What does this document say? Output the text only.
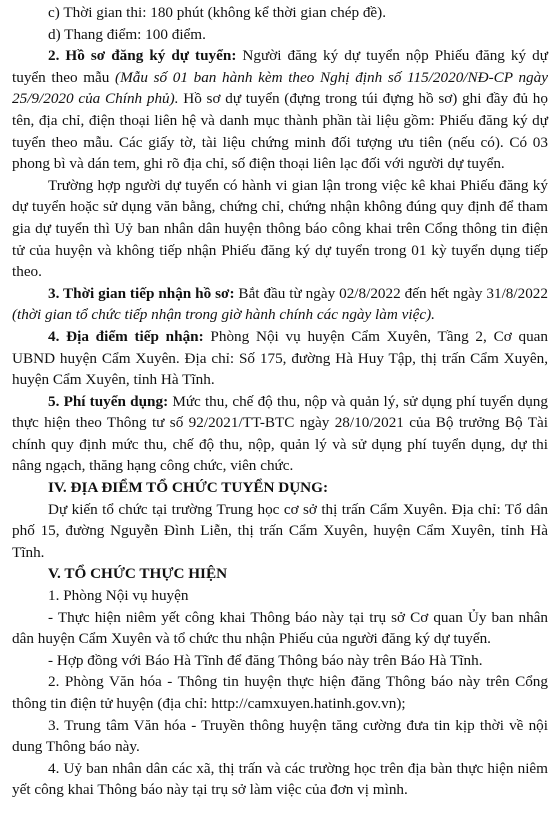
c) Thời gian thi: 180 phút (không kể thời gian chép đề).

d) Thang điểm: 100 điểm.

2. Hồ sơ đăng ký dự tuyển: Người đăng ký dự tuyển nộp Phiếu đăng ký dự tuyển theo mẫu (Mẫu số 01 ban hành kèm theo Nghị định số 115/2020/NĐ-CP ngày 25/9/2020 của Chính phủ). Hồ sơ dự tuyển (đựng trong túi đựng hồ sơ) ghi đầy đủ họ tên, địa chỉ, điện thoại liên hệ và danh mục thành phần tài liệu gồm: Phiếu đăng ký dự tuyển theo mẫu. Các giấy tờ, tài liệu chứng minh đối tượng ưu tiên (nếu có). Có 03 phong bì và dán tem, ghi rõ địa chỉ, số điện thoại liên lạc đối với người dự tuyển.

Trường hợp người dự tuyển có hành vi gian lận trong việc kê khai Phiếu đăng ký dự tuyển hoặc sử dụng văn bằng, chứng chỉ, chứng nhận không đúng quy định để tham gia dự tuyển thì Uỷ ban nhân dân huyện thông báo công khai trên Cổng thông tin điện tử của huyện và không tiếp nhận Phiếu đăng ký dự tuyển trong 01 kỳ tuyển dụng tiếp theo.

3. Thời gian tiếp nhận hồ sơ: Bắt đầu từ ngày 02/8/2022 đến hết ngày 31/8/2022 (thời gian tổ chức tiếp nhận trong giờ hành chính các ngày làm việc).

4. Địa điểm tiếp nhận: Phòng Nội vụ huyện Cẩm Xuyên, Tầng 2, Cơ quan UBND huyện Cẩm Xuyên. Địa chỉ: Số 175, đường Hà Huy Tập, thị trấn Cẩm Xuyên, huyện Cẩm Xuyên, tỉnh Hà Tĩnh.

5. Phí tuyển dụng: Mức thu, chế độ thu, nộp và quản lý, sử dụng phí tuyển dụng thực hiện theo Thông tư số 92/2021/TT-BTC ngày 28/10/2021 của Bộ trưởng Bộ Tài chính quy định mức thu, chế độ thu, nộp, quản lý và sử dụng phí tuyển dụng, dự thi nâng ngạch, thăng hạng công chức, viên chức.

IV. ĐỊA ĐIỂM TỔ CHỨC TUYỂN DỤNG:

Dự kiến tổ chức tại trường Trung học cơ sở thị trấn Cẩm Xuyên. Địa chỉ: Tổ dân phố 15, đường Nguyễn Đình Liễn, thị trấn Cẩm Xuyên, huyện Cẩm Xuyên, tỉnh Hà Tĩnh.

V. TỔ CHỨC THỰC HIỆN

1. Phòng Nội vụ huyện

- Thực hiện niêm yết công khai Thông báo này tại trụ sở Cơ quan Ủy ban nhân dân huyện Cẩm Xuyên và tổ chức thu nhận Phiếu của người đăng ký dự tuyển.

- Hợp đồng với Báo Hà Tĩnh để đăng Thông báo này trên Báo Hà Tĩnh.

2. Phòng Văn hóa - Thông tin huyện thực hiện đăng Thông báo này trên Cổng thông tin điện tử huyện (địa chỉ: http://camxuyen.hatinh.gov.vn);

3. Trung tâm Văn hóa - Truyền thông huyện tăng cường đưa tin kịp thời về nội dung Thông báo này.

4. Uỷ ban nhân dân các xã, thị trấn và các trường học trên địa bàn thực hiện niêm yết công khai Thông báo này tại trụ sở làm việc của đơn vị mình.
